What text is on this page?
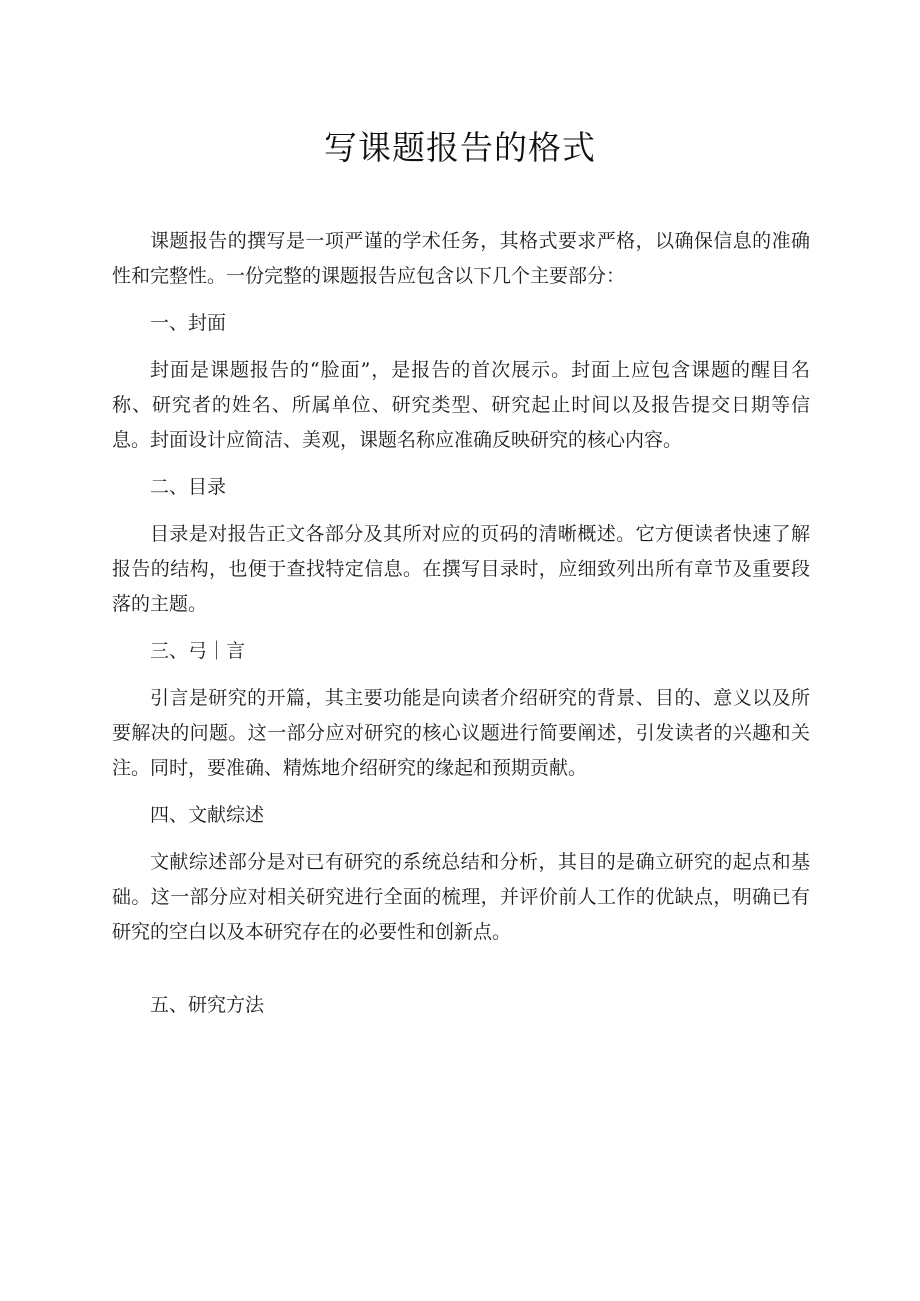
写课题报告的格式

课题报告的撰写是一项严谨的学术任务，其格式要求严格，以确保信息的准确性和完整性。一份完整的课题报告应包含以下几个主要部分：

一、封面

封面是课题报告的“脸面”，是报告的首次展示。封面上应包含课题的醒目名称、研究者的姓名、所属单位、研究类型、研究起止时间以及报告提交日期等信息。封面设计应简洁、美观，课题名称应准确反映研究的核心内容。

二、目录

目录是对报告正文各部分及其所对应的页码的清晰概述。它方便读者快速了解报告的结构，也便于查找特定信息。在撰写目录时，应细致列出所有章节及重要段落的主题。

三、弓｜言

引言是研究的开篇，其主要功能是向读者介绍研究的背景、目的、意义以及所要解决的问题。这一部分应对研究的核心议题进行简要阐述，引发读者的兴趣和关注。同时，要准确、精炼地介绍研究的缘起和预期贡献。

四、文献综述

文献综述部分是对已有研究的系统总结和分析，其目的是确立研究的起点和基础。这一部分应对相关研究进行全面的梳理，并评价前人工作的优缺点，明确已有研究的空白以及本研究存在的必要性和创新点。

五、研究方法
